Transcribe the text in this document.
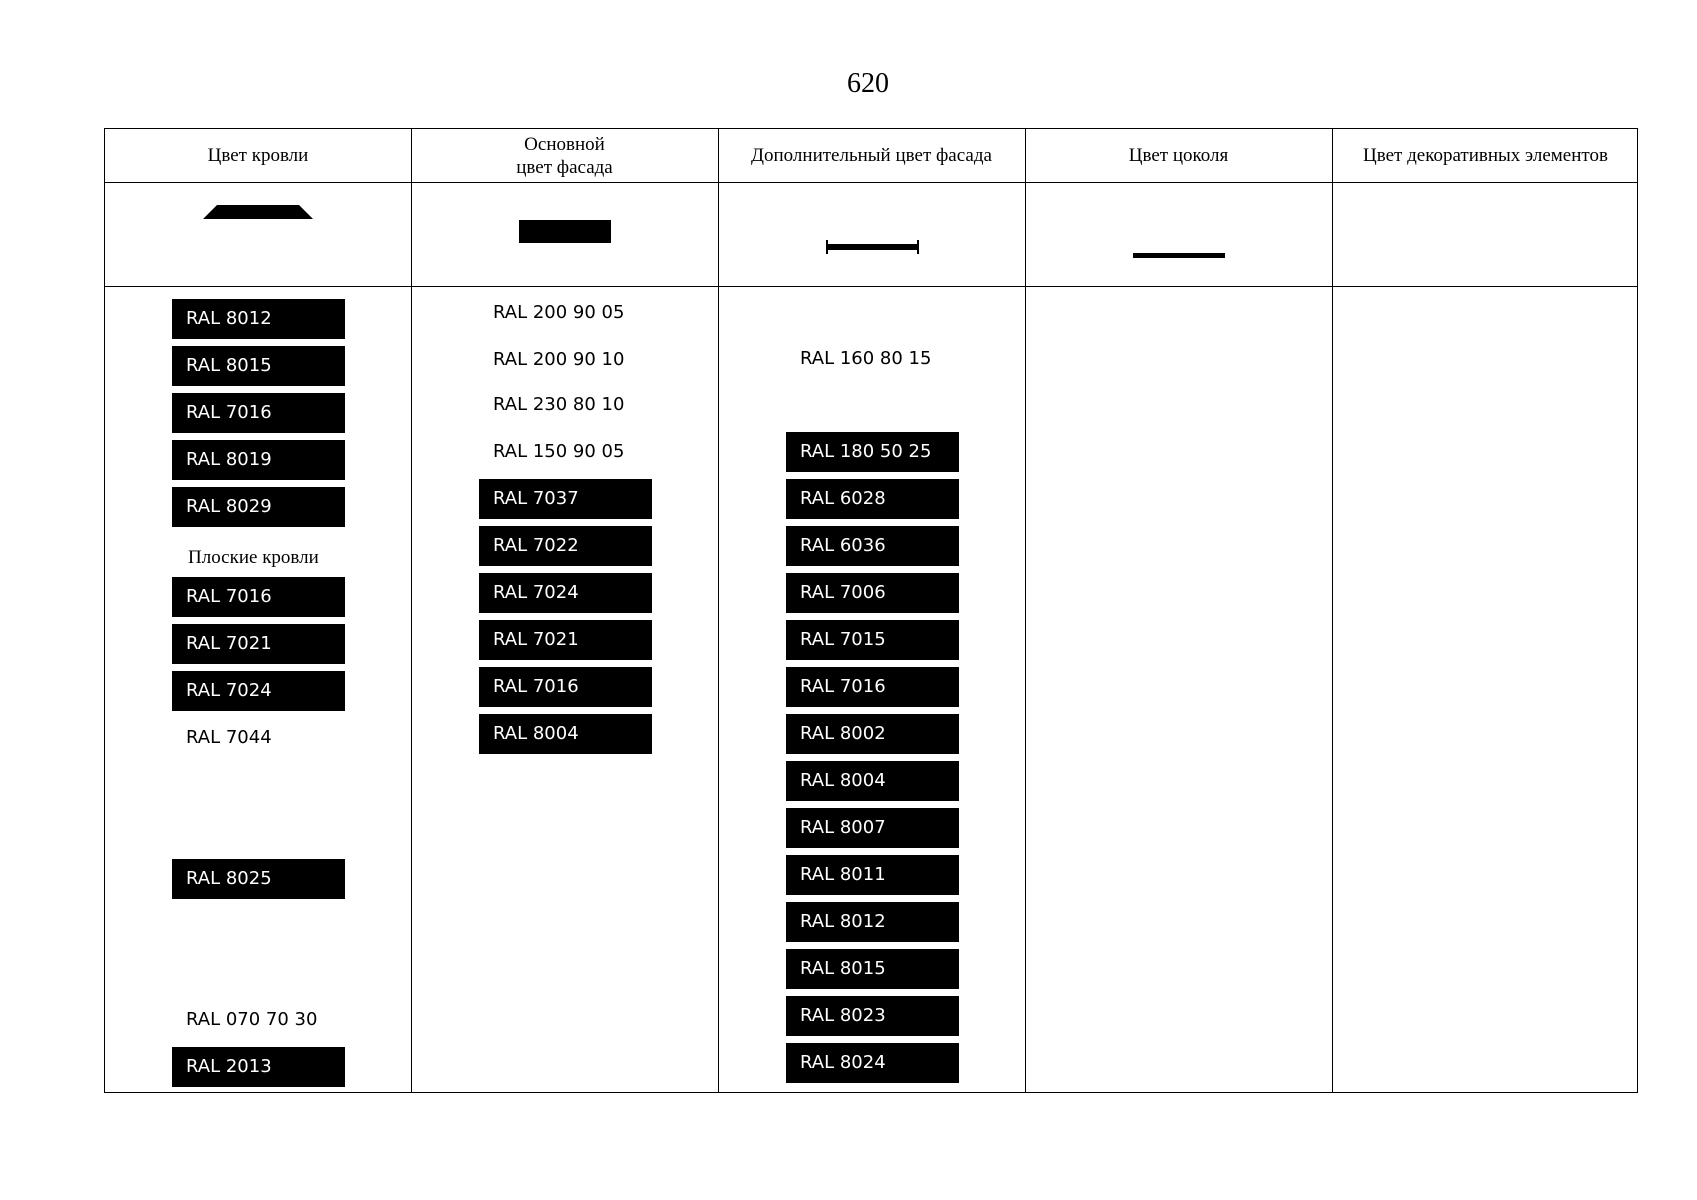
620
Цвет кровли
Основной
цвет фасада
Дополнительный цвет фасада	Цвет цоколя	Цвет декоративных элементов
RAL 8012
RAL 8015
RAL 7016
RAL 8019
RAL 8029
Плоские кровли
RAL 7016
RAL 7021
RAL 7024
RAL 7044
RAL 8025
RAL 070 70 30
RAL 2013
RAL 200 90 05
RAL 200 90 10
RAL 230 80 10
RAL 150 90 05
RAL 7037
RAL 7022
RAL 7024
RAL 7021
RAL 7016
RAL 8004
RAL 160 80 15
RAL 180 50 25
RAL 6028
RAL 6036
RAL 7006
RAL 7015
RAL 7016
RAL 8002
RAL 8004
RAL 8007
RAL 8011
RAL 8012
RAL 8015
RAL 8023
RAL 8024
